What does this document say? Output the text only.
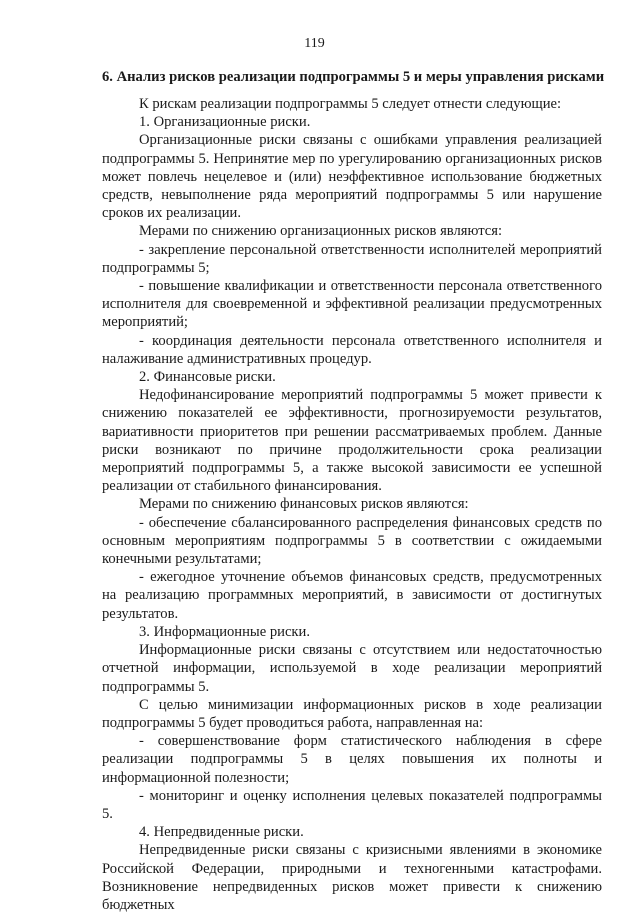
119
6. Анализ рисков реализации подпрограммы 5 и меры управления рисками

К рискам реализации подпрограммы 5 следует отнести следующие:

1. Организационные риски.

Организационные риски связаны с ошибками управления реализацией подпрограммы 5. Непринятие мер по урегулированию организационных рисков может повлечь нецелевое и (или) неэффективное использование бюджетных средств, невыполнение ряда мероприятий подпрограммы 5 или нарушение сроков их реализации.

Мерами по снижению организационных рисков являются:

- закрепление персональной ответственности исполнителей мероприятий подпрограммы 5;

- повышение квалификации и ответственности персонала ответственного исполнителя для своевременной и эффективной реализации предусмотренных мероприятий;

- координация деятельности персонала ответственного исполнителя и налаживание административных процедур.

2. Финансовые риски.

Недофинансирование мероприятий подпрограммы 5 может привести к снижению показателей ее эффективности, прогнозируемости результатов, вариативности приоритетов при решении рассматриваемых проблем. Данные риски возникают по причине продолжительности срока реализации мероприятий подпрограммы 5, а также высокой зависимости ее успешной реализации от стабильного финансирования.

Мерами по снижению финансовых рисков являются:

- обеспечение сбалансированного распределения финансовых средств по основным мероприятиям подпрограммы 5 в соответствии с ожидаемыми конечными результатами;

- ежегодное уточнение объемов финансовых средств, предусмотренных на реализацию программных мероприятий, в зависимости от достигнутых результатов.

3. Информационные риски.

Информационные риски связаны с отсутствием или недостаточностью отчетной информации, используемой в ходе реализации мероприятий подпрограммы 5.

С целью минимизации информационных рисков в ходе реализации подпрограммы 5 будет проводиться работа, направленная на:

- совершенствование форм статистического наблюдения в сфере реализации подпрограммы 5 в целях повышения их полноты и информационной полезности;

- мониторинг и оценку исполнения целевых показателей подпрограммы 5.

4. Непредвиденные риски.

Непредвиденные риски связаны с кризисными явлениями в экономике Российской Федерации, природными и техногенными катастрофами. Возникновение непредвиденных рисков может привести к снижению бюджетных
